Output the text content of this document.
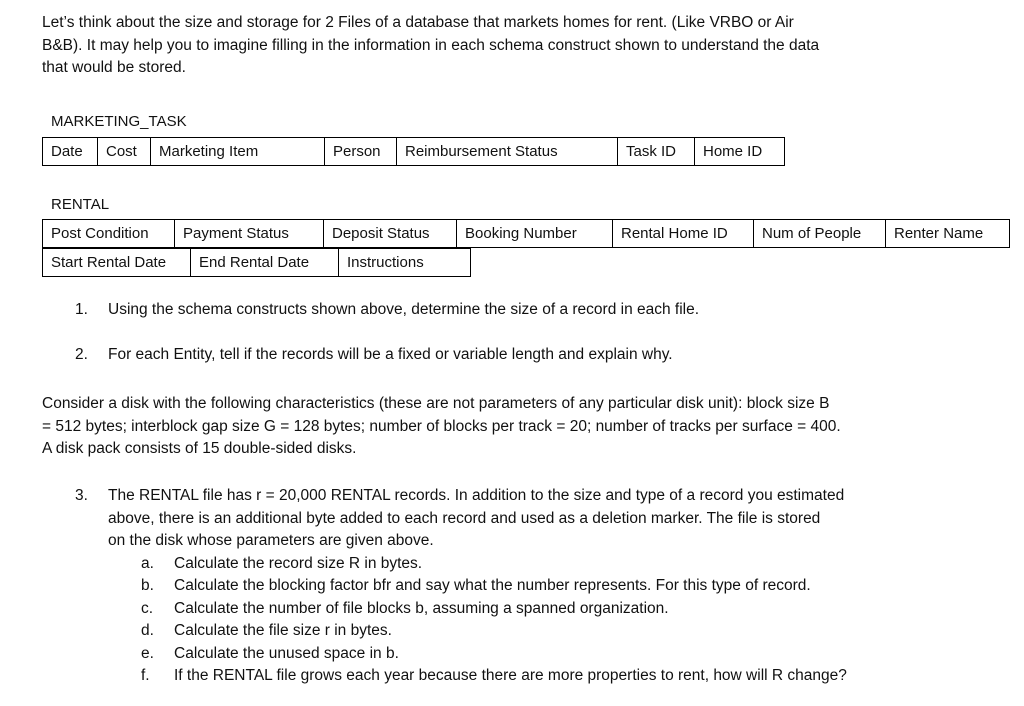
Let’s think about the size and storage for 2 Files of a database that markets homes for rent. (Like VRBO or Air
B&B). It may help you to imagine filling in the information in each schema construct shown to understand the data
that would be stored.
MARKETING_TASK
Date	Cost	Marketing Item	Person	Reimbursement Status	Task ID	Home ID
RENTAL
Post Condition	Payment Status	Deposit Status	Booking Number	Rental Home ID	Num of People	Renter Name
Start Rental Date	End Rental Date	Instructions
1. Using the schema constructs shown above, determine the size of a record in each file.
2. For each Entity, tell if the records will be a fixed or variable length and explain why.
Consider a disk with the following characteristics (these are not parameters of any particular disk unit): block size B
= 512 bytes; interblock gap size G = 128 bytes; number of blocks per track = 20; number of tracks per surface = 400.
A disk pack consists of 15 double-sided disks.
3. The RENTAL file has r = 20,000 RENTAL records. In addition to the size and type of a record you estimated
above, there is an additional byte added to each record and used as a deletion marker. The file is stored
on the disk whose parameters are given above.
a. Calculate the record size R in bytes.
b. Calculate the blocking factor bfr and say what the number represents. For this type of record.
c. Calculate the number of file blocks b, assuming a spanned organization.
d. Calculate the file size r in bytes.
e. Calculate the unused space in b.
f. If the RENTAL file grows each year because there are more properties to rent, how will R change?
